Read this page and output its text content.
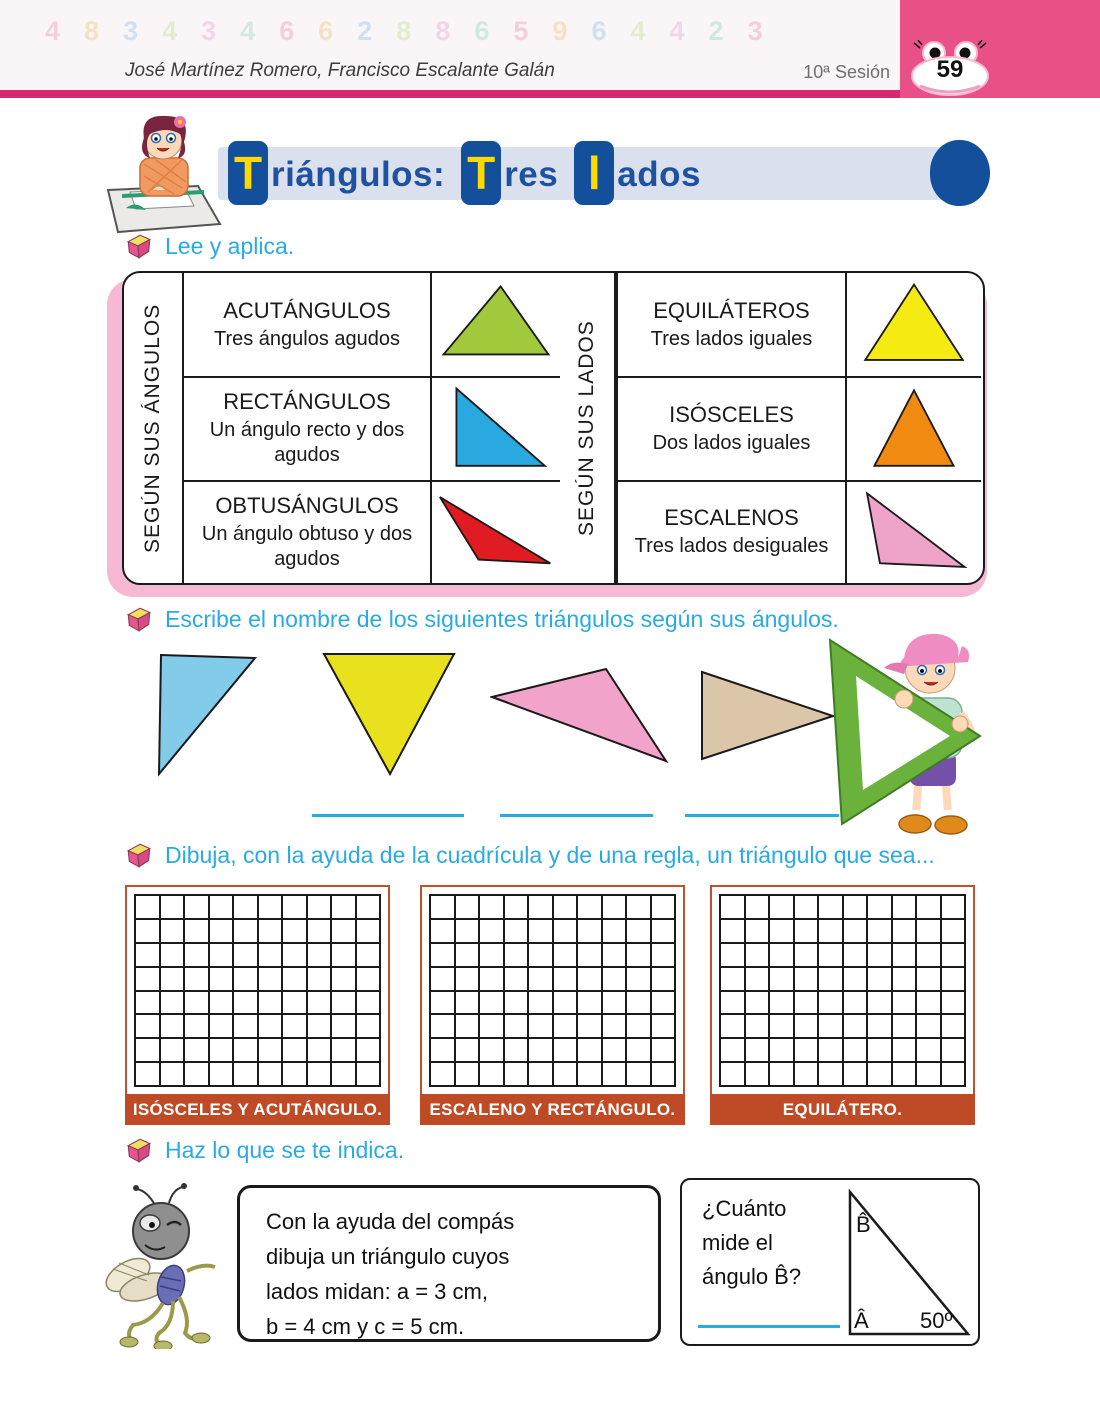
4 8 3 4 3 4 6 6 2 8 8 6 5 9 6 4 4 2 3
José Martínez Romero, Francisco Escalante Galán	10ª Sesión	59
T riángulos: T res l ados
Lee y aplica.
SEGÚN SUS ÁNGULOS	ACUTÁNGULOS
Tres ángulos agudos
RECTÁNGULOS
Un ángulo recto y dos agudos
OBTUSÁNGULOS
Un ángulo obtuso y dos agudos
SEGÚN SUS LADOS
EQUILÁTEROS
Tres lados iguales
ISÓSCELES
Dos lados iguales
ESCALENOS
Tres lados desiguales
Escribe el nombre de los siguientes triángulos según sus ángulos.
Dibuja, con la ayuda de la cuadrícula y de una regla, un triángulo que sea...
ISÓSCELES Y ACUTÁNGULO.	ESCALENO Y RECTÁNGULO.	EQUILÁTERO.
Haz lo que se te indica.
Con la ayuda del compás
dibuja un triángulo cuyos
lados midan: a = 3 cm,
b = 4 cm y c = 5 cm.
¿Cuánto
mide el
ángulo B̂?
B̂
Â 50º
